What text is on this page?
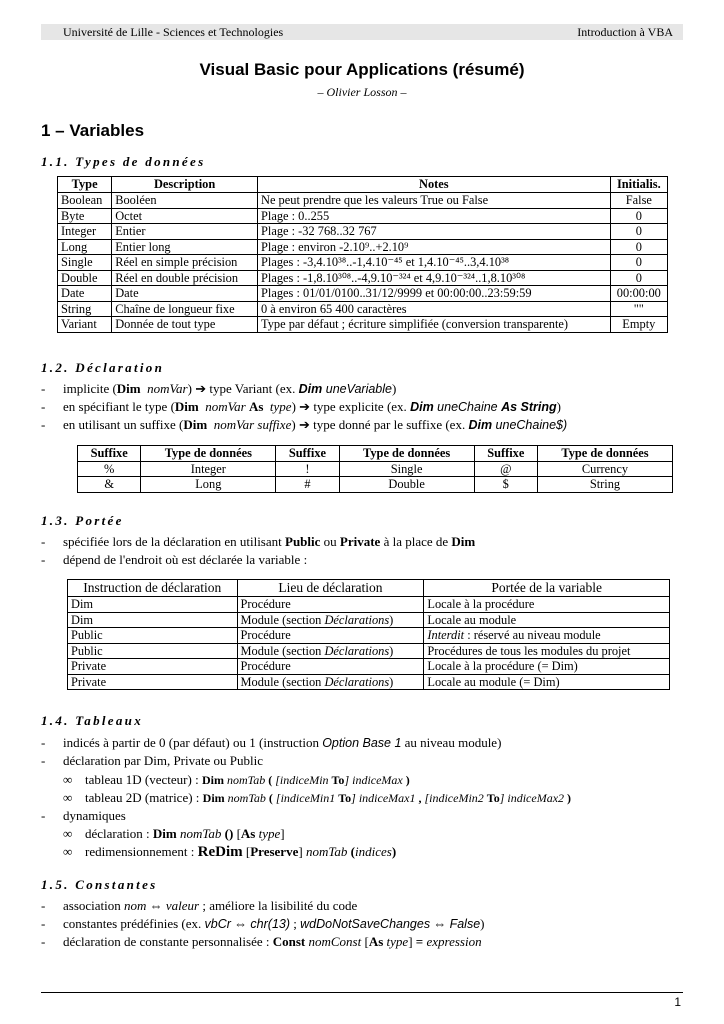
Université de Lille - Sciences et Technologies	Introduction à VBA
Visual Basic pour Applications (résumé)
– Olivier Losson –
1 – Variables
1.1. Types de données
Type	Description	Notes	Initialis.
Boolean	Booléen	Ne peut prendre que les valeurs True ou False	False
Byte	Octet	Plage : 0..255	0
Integer	Entier	Plage : -32 768..32 767	0
Long	Entier long	Plage : environ -2.10⁹..+2.10⁹	0
Single	Réel en simple précision	Plages : -3,4.10³⁸..-1,4.10⁻⁴⁵ et 1,4.10⁻⁴⁵..3,4.10³⁸	0
Double	Réel en double précision	Plages : -1,8.10³⁰⁸..-4,9.10⁻³²⁴ et 4,9.10⁻³²⁴..1,8.10³⁰⁸	0
Date	Date	Plages : 01/01/0100..31/12/9999 et 00:00:00..23:59:59	00:00:00
String	Chaîne de longueur fixe	0 à environ 65 400 caractères	""
Variant	Donnée de tout type	Type par défaut ; écriture simplifiée (conversion transparente)	Empty
1.2. Déclaration
- implicite (Dim nomVar) ➔ type Variant (ex. Dim uneVariable)
- en spécifiant le type (Dim nomVar As type) ➔ type explicite (ex. Dim uneChaine As String)
- en utilisant un suffixe (Dim nomVar suffixe) ➔ type donné par le suffixe (ex. Dim uneChaine$)
Suffixe	Type de données	Suffixe	Type de données	Suffixe	Type de données
%	Integer	!	Single	@	Currency
&	Long	#	Double	$	String
1.3. Portée
- spécifiée lors de la déclaration en utilisant Public ou Private à la place de Dim
- dépend de l'endroit où est déclarée la variable :
Instruction de déclaration	Lieu de déclaration	Portée de la variable
Dim	Procédure	Locale à la procédure
Dim	Module (section Déclarations)	Locale au module
Public	Procédure	Interdit : réservé au niveau module
Public	Module (section Déclarations)	Procédures de tous les modules du projet
Private	Procédure	Locale à la procédure (= Dim)
Private	Module (section Déclarations)	Locale au module (= Dim)
1.4. Tableaux
- indicés à partir de 0 (par défaut) ou 1 (instruction Option Base 1 au niveau module)
- déclaration par Dim, Private ou Public
∞ tableau 1D (vecteur) : Dim nomTab ( [indiceMin To] indiceMax )
∞ tableau 2D (matrice) : Dim nomTab ( [indiceMin1 To] indiceMax1 , [indiceMin2 To] indiceMax2 )
- dynamiques
∞ déclaration : Dim nomTab () [As type]
∞ redimensionnement : ReDim [Preserve] nomTab (indices)
1.5. Constantes
- association nom ⇔ valeur ; améliore la lisibilité du code
- constantes prédéfinies (ex. vbCr ⇔ chr(13) ; wdDoNotSaveChanges ⇔ False)
- déclaration de constante personnalisée : Const nomConst [As type] = expression
1
